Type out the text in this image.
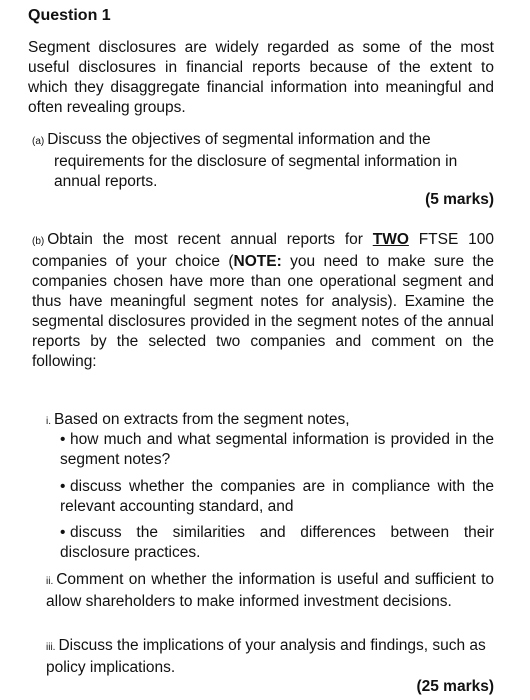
Question 1
Segment disclosures are widely regarded as some of the most useful disclosures in financial reports because of the extent to which they disaggregate financial information into meaningful and often revealing groups.
(a) Discuss the objectives of segmental information and the
requirements for the disclosure of segmental information in annual reports.
(5 marks)
(b) Obtain the most recent annual reports for TWO FTSE 100 companies of your choice (NOTE: you need to make sure the companies chosen have more than one operational segment and thus have meaningful segment notes for analysis). Examine the segmental disclosures provided in the segment notes of the annual reports by the selected two companies and comment on the following:
i. Based on extracts from the segment notes,
• how much and what segmental information is provided in the segment notes?
• discuss whether the companies are in compliance with the relevant accounting standard, and
• discuss the similarities and differences between their disclosure practices.
ii. Comment on whether the information is useful and sufficient to allow shareholders to make informed investment decisions.
iii. Discuss the implications of your analysis and findings, such as policy implications.
(25 marks)
